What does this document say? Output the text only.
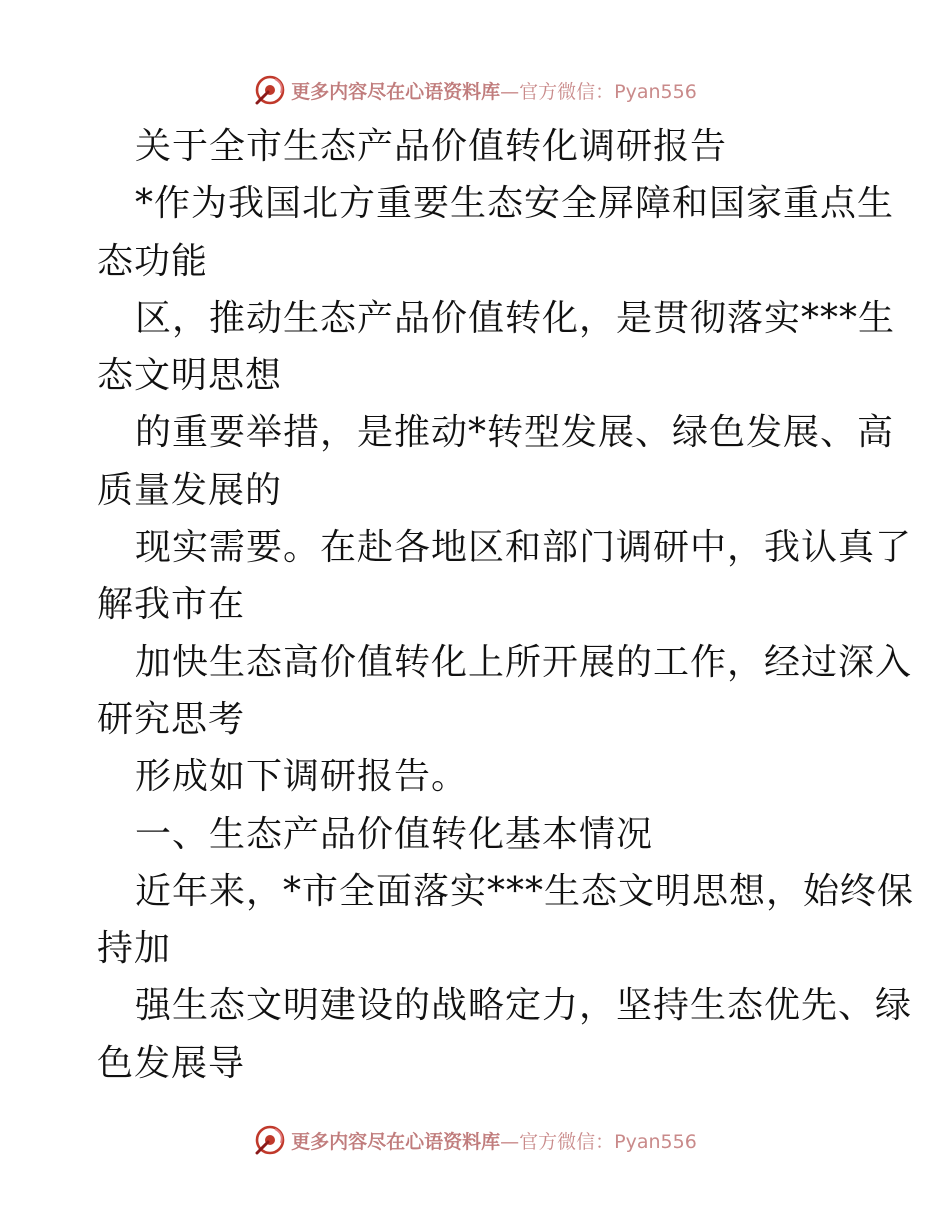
更多内容尽在心语资料库—官方微信：Pyan556
关于全市生态产品价值转化调研报告
*作为我国北方重要生态安全屏障和国家重点生
态功能
区，推动生态产品价值转化，是贯彻落实***生
态文明思想
的重要举措，是推动*转型发展、绿色发展、高
质量发展的
现实需要。在赴各地区和部门调研中，我认真了
解我市在
加快生态高价值转化上所开展的工作，经过深入
研究思考
形成如下调研报告。
一、生态产品价值转化基本情况
近年来，*市全面落实***生态文明思想，始终保
持加
强生态文明建设的战略定力，坚持生态优先、绿
色发展导
更多内容尽在心语资料库—官方微信：Pyan556
